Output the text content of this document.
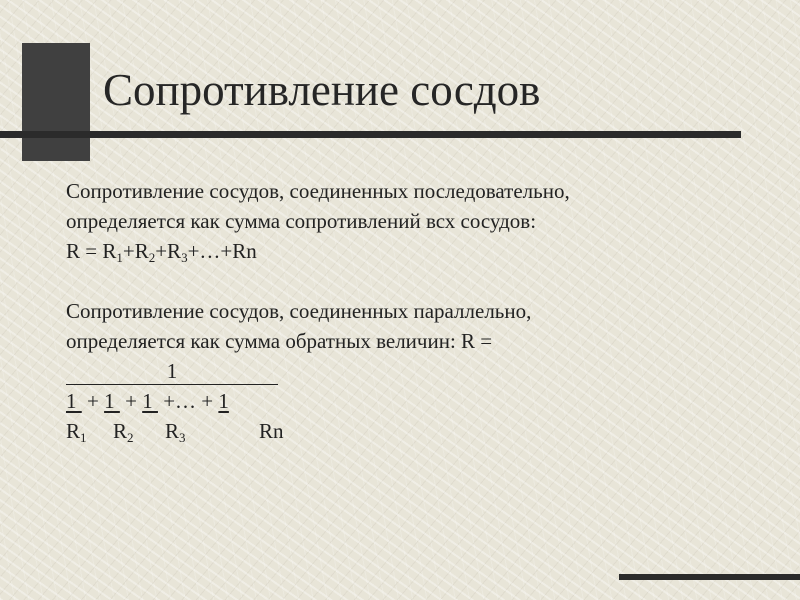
Сопротивление сосдов
Сопротивление сосудов, соединенных последовательно,
определяется как сумма сопротивлений всх сосудов:
$R = R_1+R_2+R_3+\dots+Rn$
Сопротивление сосудов, соединенных параллельно,
определяется как сумма обратных величин: R =
1
1  + 1  + 1  +… + 1
$R_1$ $R_2$ $R_3$	Rn
